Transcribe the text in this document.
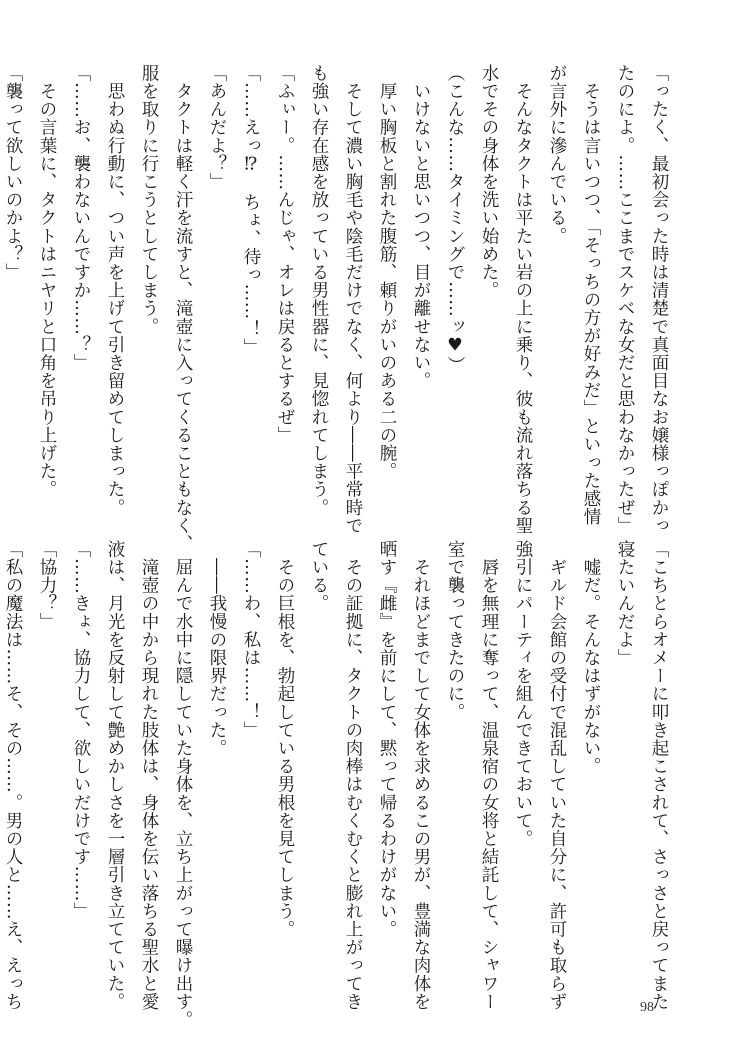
「ったく、最初会った時は清楚で真面目なお嬢様っぽかっ

たのによ。……ここまでスケベな女だと思わなかったぜ」

　そうは言いつつ、「そっちの方が好みだ」といった感情

が言外に滲んでいる。

　そんなタクトは平たい岩の上に乗り、彼も流れ落ちる聖

水でその身体を洗い始めた。

（こんな……タイミングで……ッ♥）

　いけないと思いつつ、目が離せない。

　厚い胸板と割れた腹筋、頼りがいのある二の腕。

　そして濃い胸毛や陰毛だけでなく、何より――平常時で

も強い存在感を放っている男性器に、見惚れてしまう。

「ふぃー。……んじゃ、オレは戻るとするぜ」

「……えっ⁉　ちょ、待っ……！」

「あんだよ？」

　タクトは軽く汗を流すと、滝壺に入ってくることもなく、

服を取りに行こうとしてしまう。

　思わぬ行動に、つい声を上げて引き留めてしまった。

「……お、襲わないんですか……？」

　その言葉に、タクトはニヤリと口角を吊り上げた。

「襲って欲しいのかよ？」

「こちとらオメーに叩き起こされて、さっさと戻ってまた

寝たいんだよ」

　嘘だ。そんなはずがない。

　ギルド会館の受付で混乱していた自分に、許可も取らず

強引にパーティを組んできておいて。

　唇を無理に奪って、温泉宿の女将と結託して、シャワー

室で襲ってきたのに。

　それほどまでして女体を求めるこの男が、豊満な肉体を

晒す『雌』を前にして、黙って帰るわけがない。

　その証拠に、タクトの肉棒はむくむくと膨れ上がってき

ている。

　その巨根を、勃起している男根を見てしまう。

「……わ、私は……！」

　――我慢の限界だった。

　屈んで水中に隠していた身体を、立ち上がって曝け出す。

　滝壺の中から現れた肢体は、身体を伝い落ちる聖水と愛

液は、月光を反射して艶めかしさを一層引き立てていた。

「……きょ、協力して、欲しいだけです……」

「協力？」

「私の魔法は……そ、その……。男の人と……え、えっち	98
